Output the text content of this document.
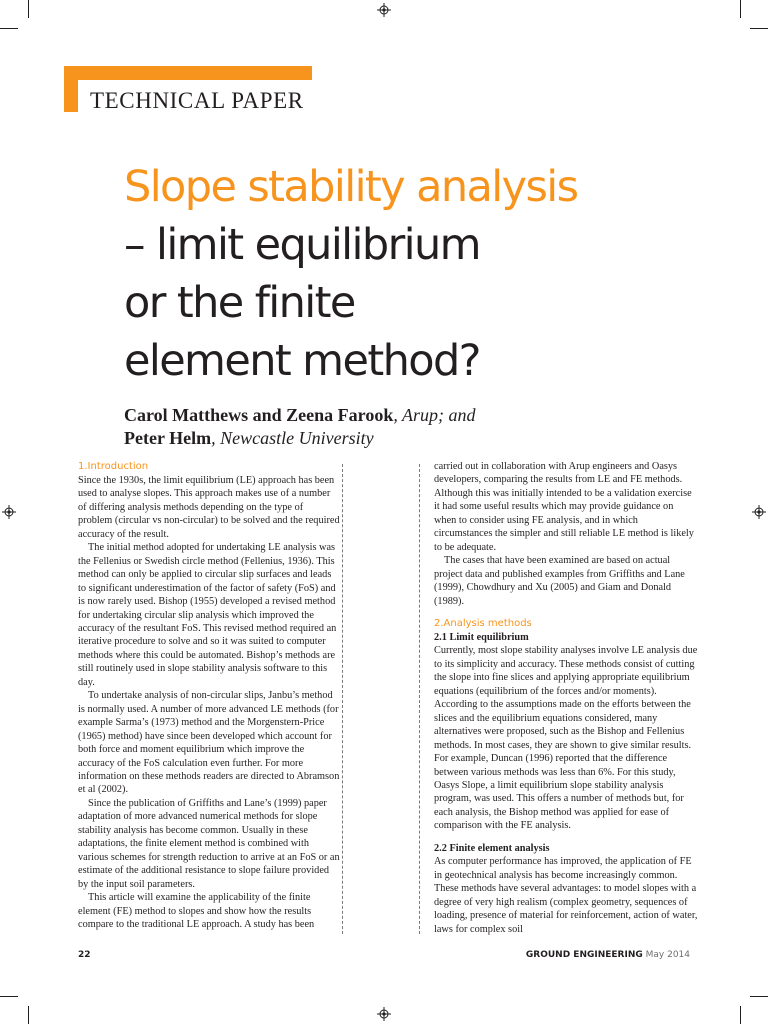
TECHNICAL PAPER
Slope stability analysis
– limit equilibrium
or the finite
element method?
Carol Matthews and Zeena Farook, Arup; and
Peter Helm, Newcastle University

1.Introduction

Since the 1930s, the limit equilibrium (LE) approach has been used to analyse slopes. This approach makes use of a number of differing analysis methods depending on the type of problem (circular vs non-circular) to be solved and the required accuracy of the result.

The initial method adopted for undertaking LE analysis was the Fellenius or Swedish circle method (Fellenius, 1936). This method can only be applied to circular slip surfaces and leads to significant underestimation of the factor of safety (FoS) and is now rarely used. Bishop (1955) developed a revised method for undertaking circular slip analysis which improved the accuracy of the resultant FoS. This revised method required an iterative procedure to solve and so it was suited to computer methods where this could be automated. Bishop’s methods are still routinely used in slope stability analysis software to this day.

To undertake analysis of non-circular slips, Janbu’s method is normally used. A number of more advanced LE methods (for example Sarma’s (1973) method and the Morgenstern-Price (1965) method) have since been developed which account for both force and moment equilibrium which improve the accuracy of the FoS calculation even further. For more information on these methods readers are directed to Abramson et al (2002).

Since the publication of Griffiths and Lane’s (1999) paper adaptation of more advanced numerical methods for slope stability analysis has become common. Usually in these adaptations, the finite element method is combined with various schemes for strength reduction to arrive at an FoS or an estimate of the additional resistance to slope failure provided by the input soil parameters.

This article will examine the applicability of the finite element (FE) method to slopes and show how the results compare to the traditional LE approach. A study has been

carried out in collaboration with Arup engineers and Oasys developers, comparing the results from LE and FE methods. Although this was initially intended to be a validation exercise it had some useful results which may provide guidance on when to consider using FE analysis, and in which circumstances the simpler and still reliable LE method is likely to be adequate.

The cases that have been examined are based on actual project data and published examples from Griffiths and Lane (1999), Chowdhury and Xu (2005) and Giam and Donald (1989).

2.Analysis methods

2.1 Limit equilibrium

Currently, most slope stability analyses involve LE analysis due to its simplicity and accuracy. These methods consist of cutting the slope into fine slices and applying appropriate equilibrium equations (equilibrium of the forces and/or moments). According to the assumptions made on the efforts between the slices and the equilibrium equations considered, many alternatives were proposed, such as the Bishop and Fellenius methods. In most cases, they are shown to give similar results. For example, Duncan (1996) reported that the difference between various methods was less than 6%. For this study, Oasys Slope, a limit equilibrium slope stability analysis program, was used. This offers a number of methods but, for each analysis, the Bishop method was applied for ease of comparison with the FE analysis.

2.2 Finite element analysis

As computer performance has improved, the application of FE in geotechnical analysis has become increasingly common. These methods have several advantages: to model slopes with a degree of very high realism (complex geometry, sequences of loading, presence of material for reinforcement, action of water, laws for complex soil

22	GROUND ENGINEERING May 2014
